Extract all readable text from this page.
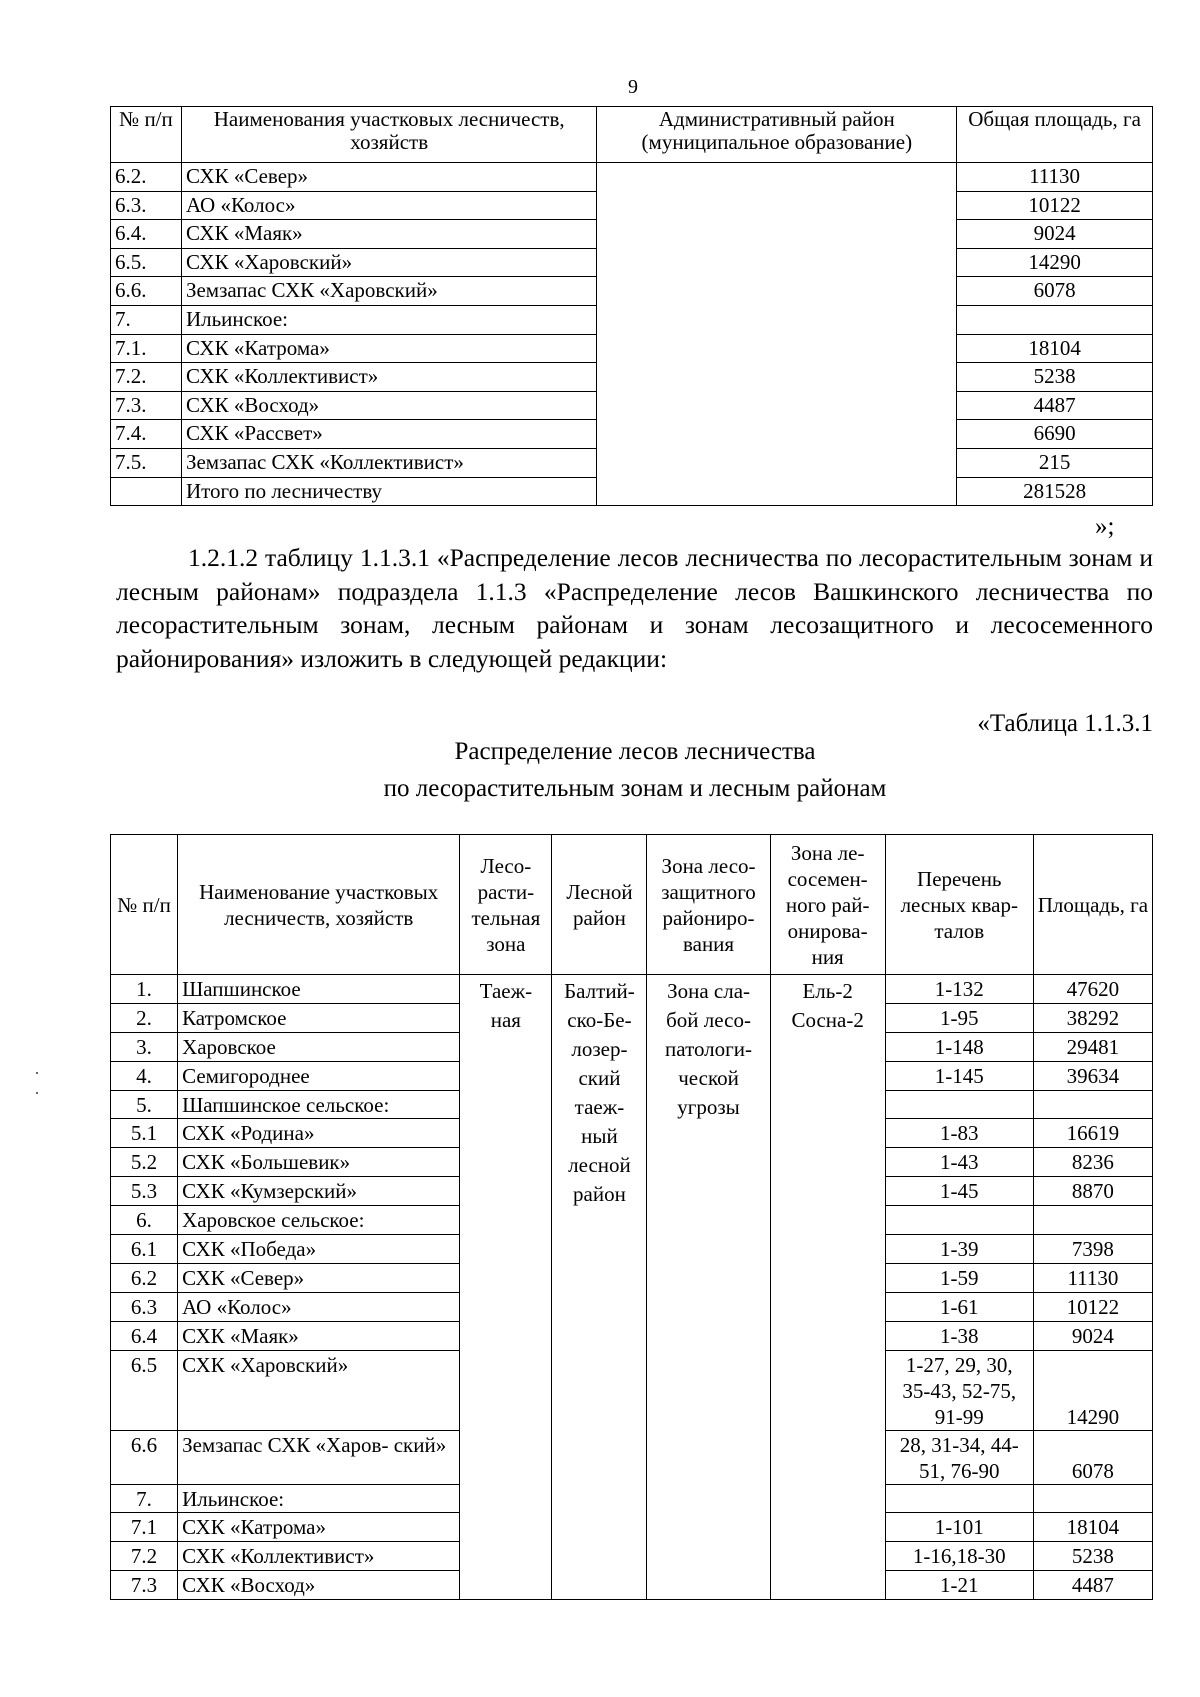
9
№ п/п	Наименования участковых лесничеств, хозяйств	Административный район (муниципальное образование)	Общая площадь, га
6.2.	СХК «Север»		11130
6.3.	АО «Колос»		10122
6.4.	СХК «Маяк»		9024
6.5.	СХК «Харовский»		14290
6.6.	Земзапас СХК «Харовский»		6078
7.	Ильинское:		
7.1.	СХК «Катрома»		18104
7.2.	СХК «Коллективист»		5238
7.3.	СХК «Восход»		4487
7.4.	СХК «Рассвет»		6690
7.5.	Земзапас СХК «Коллективист»		215
	Итого по лесничеству		281528
»;
1.2.1.2 таблицу 1.1.3.1 «Распределение лесов лесничества по лесорастительным зонам и лесным районам» подраздела 1.1.3 «Распределение лесов Вашкинского лесничества по лесорастительным зонам, лесным районам и зонам лесозащитного и лесосеменного районирования» изложить в следующей редакции:
«Таблица 1.1.3.1
Распределение лесов лесничества
по лесорастительным зонам и лесным районам
№ п/п	Наименование участковых лесничеств, хозяйств	Лесо- расти- тельная зона	Лесной район	Зона лесо- защитного райониро- вания	Зона ле- сосемен- ного рай- онирова- ния	Перечень лесных квар- талов	Площадь, га
1.	Шапшинское	Таеж- ная	Балтий- ско-Бе- лозер- ский таеж- ный лесной район	Зона сла- бой лесо- патологи- ческой угрозы	Ель-2 Сосна-2	1-132	47620
2.	Катромское					1-95	38292
3.	Харовское					1-148	29481
4.	Семигороднее					1-145	39634
5.	Шапшинское сельское:						
5.1	СХК «Родина»					1-83	16619
5.2	СХК «Большевик»					1-43	8236
5.3	СХК «Кумзерский»					1-45	8870
6.	Харовское сельское:						
6.1	СХК «Победа»					1-39	7398
6.2	СХК «Север»					1-59	11130
6.3	АО «Колос»					1-61	10122
6.4	СХК «Маяк»					1-38	9024
6.5	СХК «Харовский»					1-27, 29, 30, 35-43, 52-75, 91-99	14290
6.6	Земзапас СХК «Харов- ский»					28, 31-34, 44- 51, 76-90	6078
7.	Ильинское:						
7.1	СХК «Катрома»					1-101	18104
7.2	СХК «Коллективист»					1-16,18-30	5238
7.3	СХК «Восход»					1-21	4487
